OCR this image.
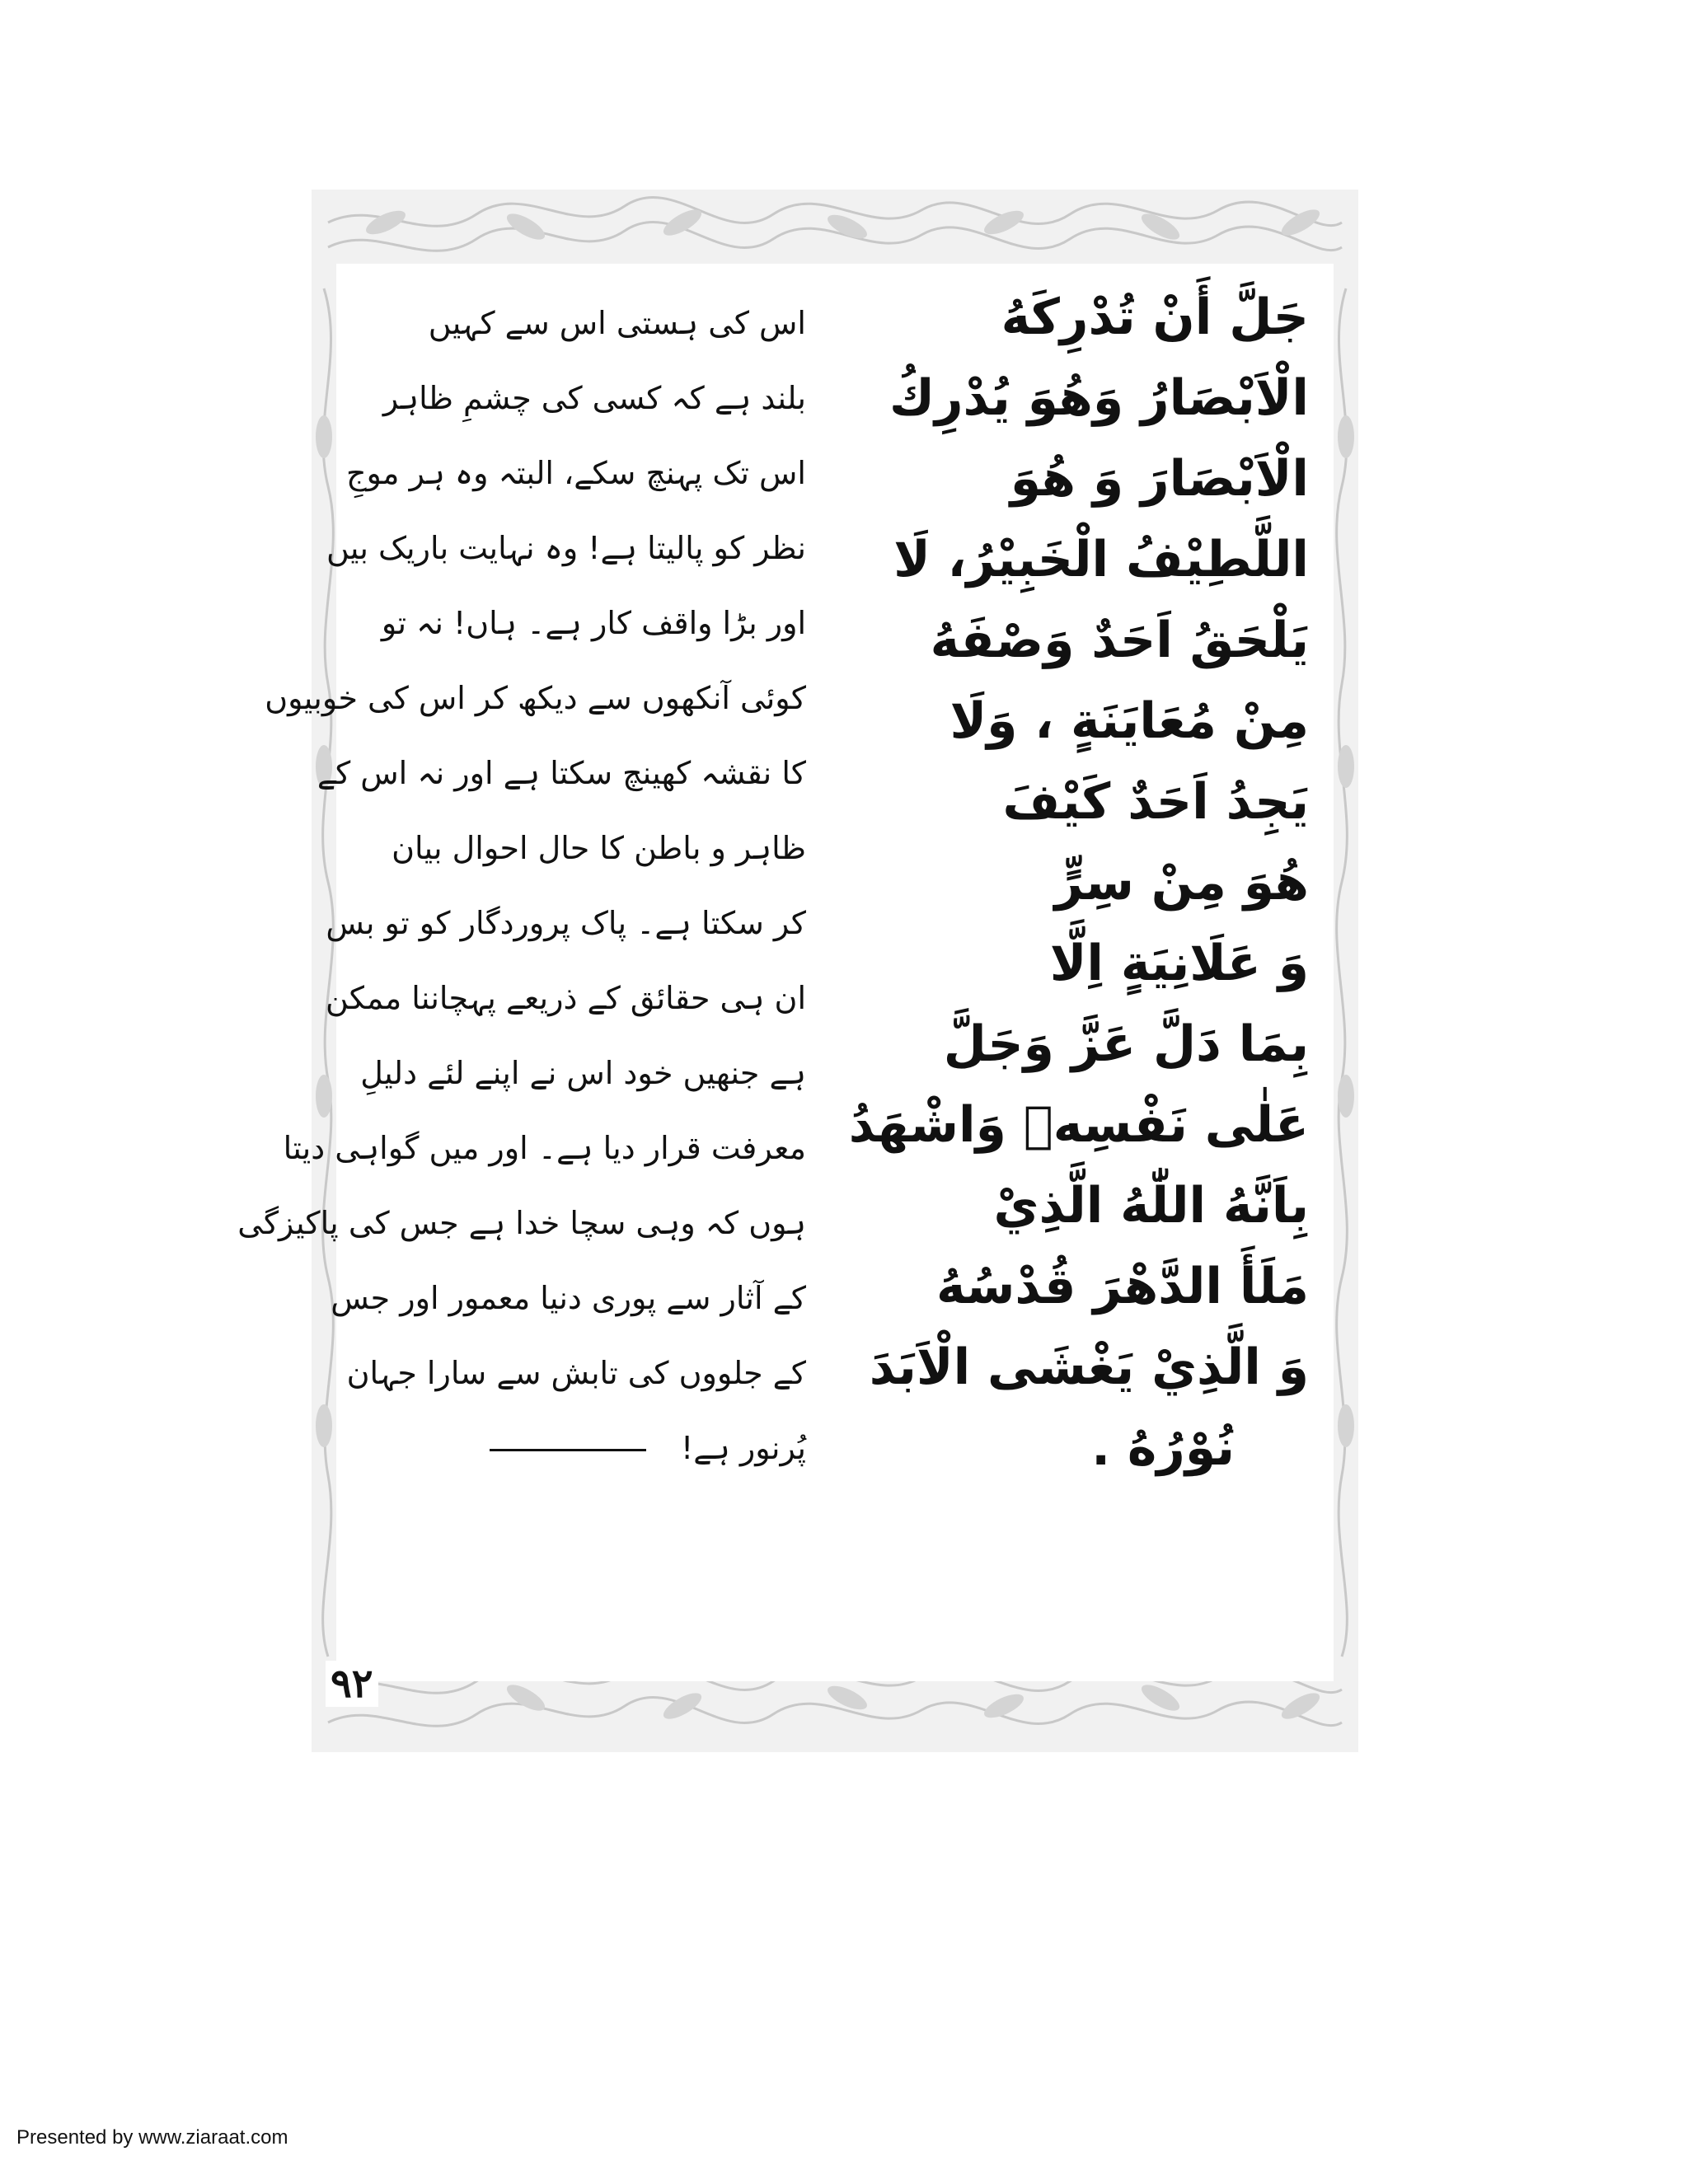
جَلَّ أَنْ تُدْرِكَهُ
الْاَبْصَارُ وَهُوَ يُدْرِكُ
الْاَبْصَارَ وَ هُوَ
اللَّطِيْفُ الْخَبِيْرُ، لَا
يَلْحَقُ اَحَدٌ وَصْفَهُ
مِنْ مُعَايَنَةٍ ، وَلَا
يَجِدُ اَحَدٌ كَيْفَ
هُوَ مِنْ سِرٍّ
وَ عَلَانِيَةٍ اِلَّا
بِمَا دَلَّ عَزَّ وَجَلَّ
عَلٰى نَفْسِهٖ وَاشْهَدُ
بِاَنَّهُ اللّٰهُ الَّذِيْ
مَلَأَ الدَّهْرَ قُدْسُهُ
وَ الَّذِيْ يَغْشَى الْاَبَدَ
نُوْرُهُ .
اس کی ہستی اس سے کہیں
بلند ہے کہ کسی کی چشمِ ظاہر
اس تک پہنچ سکے، البتہ وہ ہر موجِ
نظر کو پالیتا ہے! وہ نہایت باریک بیں
اور بڑا واقف کار ہے۔ ہاں! نہ تو
کوئی آنکھوں سے دیکھ کر اس کی خوبیوں
کا نقشہ کھینچ سکتا ہے اور نہ اس کے
ظاہر و باطن کا حال احوال بیان
کر سکتا ہے۔ پاک پروردگار کو تو بس
ان ہی حقائق کے ذریعے پہچاننا ممکن
ہے جنھیں خود اس نے اپنے لئے دلیلِ
معرفت قرار دیا ہے۔ اور میں گواہی دیتا
ہوں کہ وہی سچا خدا ہے جس کی پاکیزگی
کے آثار سے پوری دنیا معمور اور جس
کے جلووں کی تابش سے سارا جہان
پُرنور ہے!
۹۲
Presented by www.ziaraat.com
